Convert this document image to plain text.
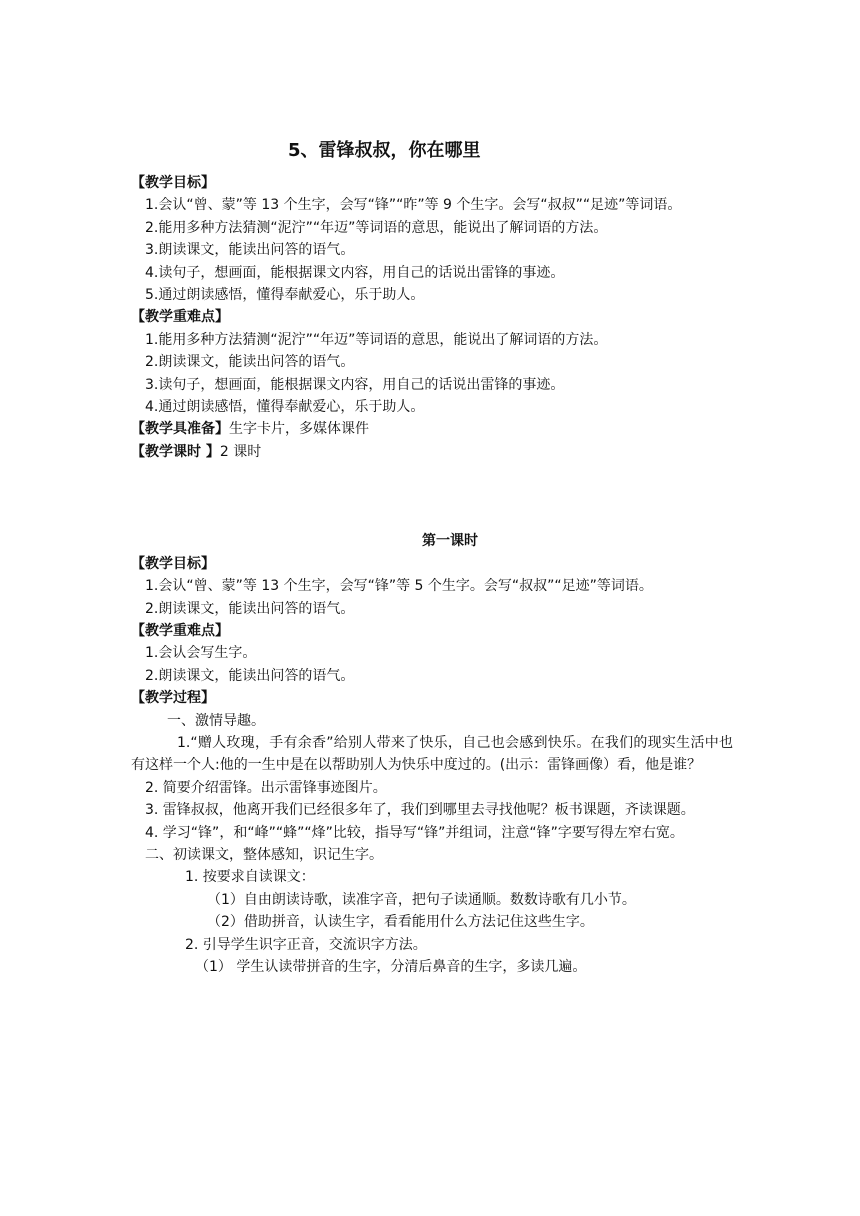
5、雷锋叔叔，你在哪里
【教学目标】
1.会认“曾、蒙”等 13 个生字，会写“锋”“昨”等 9 个生字。会写“叔叔”“足迹”等词语。
2.能用多种方法猜测“泥泞”“年迈”等词语的意思，能说出了解词语的方法。
3.朗读课文，能读出问答的语气。
4.读句子，想画面，能根据课文内容，用自己的话说出雷锋的事迹。
5.通过朗读感悟，懂得奉献爱心，乐于助人。
【教学重难点】
1.能用多种方法猜测“泥泞”“年迈”等词语的意思，能说出了解词语的方法。
2.朗读课文，能读出问答的语气。
3.读句子，想画面，能根据课文内容，用自己的话说出雷锋的事迹。
4.通过朗读感悟，懂得奉献爱心，乐于助人。
【教学具准备】生字卡片，多媒体课件
【教学课时 】2 课时
第一课时
【教学目标】
1.会认“曾、蒙”等 13 个生字，会写“锋”等 5 个生字。会写“叔叔”“足迹”等词语。
2.朗读课文，能读出问答的语气。
【教学重难点】
1.会认会写生字。
2.朗读课文，能读出问答的语气。
【教学过程】
一、激情导趣。
1.“赠人玫瑰，手有余香”给别人带来了快乐，自己也会感到快乐。在我们的现实生活中也有这样一个人:他的一生中是在以帮助别人为快乐中度过的。(出示：雷锋画像）看，他是谁？
2. 简要介绍雷锋。出示雷锋事迹图片。
3. 雷锋叔叔，他离开我们已经很多年了，我们到哪里去寻找他呢？板书课题，齐读课题。
4. 学习“锋”，和“峰”“蜂”“烽”比较，指导写“锋”并组词，注意“锋”字要写得左窄右宽。
二、初读课文，整体感知，识记生字。
1. 按要求自读课文：
（1）自由朗读诗歌，读准字音，把句子读通顺。数数诗歌有几小节。
（2）借助拼音，认读生字，看看能用什么方法记住这些生字。
2. 引导学生识字正音，交流识字方法。
（1） 学生认读带拼音的生字，分清后鼻音的生字，多读几遍。
